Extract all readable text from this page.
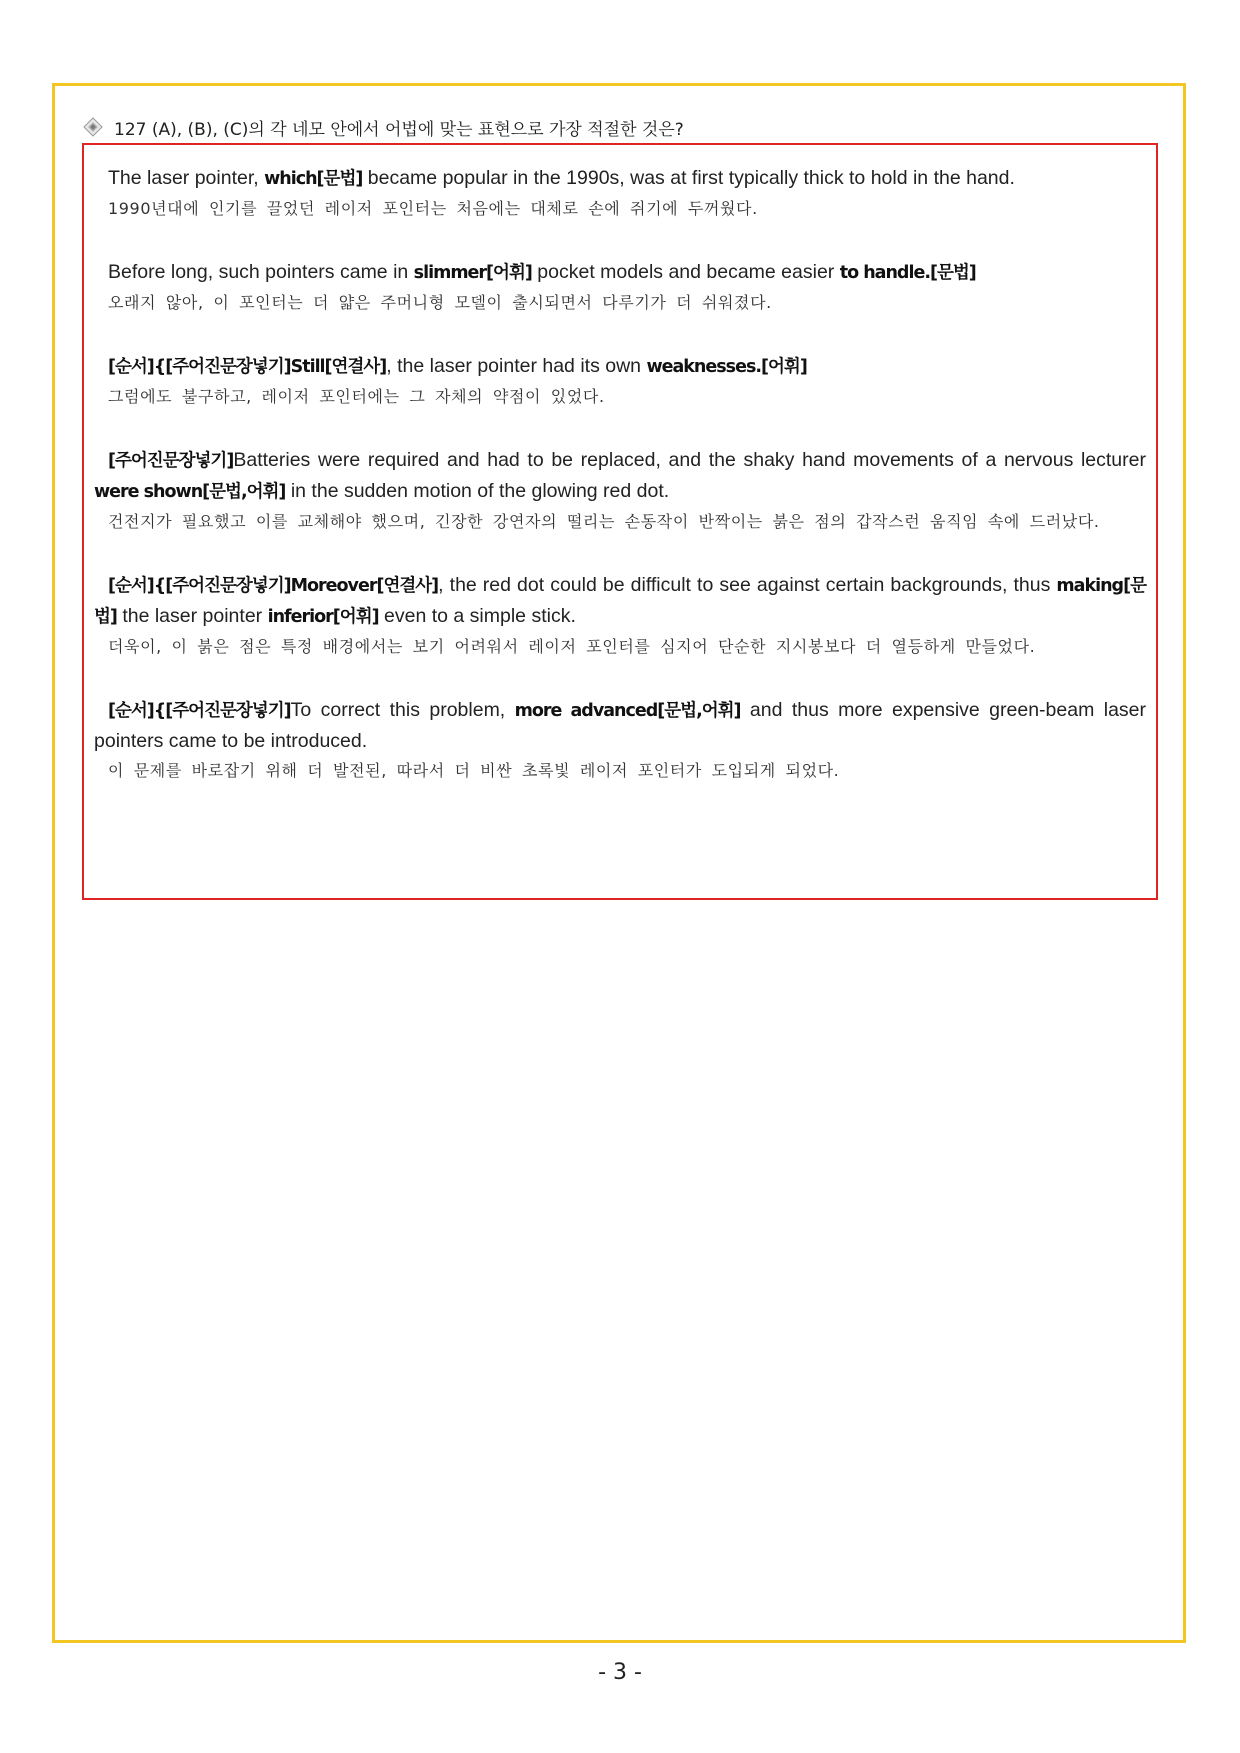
127 (A), (B), (C)의 각 네모 안에서 어법에 맞는 표현으로 가장 적절한 것은?
The laser pointer, which[문법] became popular in the 1990s, was at first typically thick to hold in the hand.
1990년대에 인기를 끌었던 레이저 포인터는 처음에는 대체로 손에 쥐기에 두꺼웠다.
Before long, such pointers came in slimmer[어휘] pocket models and became easier to handle.[문법]
오래지 않아, 이 포인터는 더 얇은 주머니형 모델이 출시되면서 다루기가 더 쉬워졌다.
[순서]{[주어진문장넣기]Still[연결사], the laser pointer had its own weaknesses.[어휘]
그럼에도 불구하고, 레이저 포인터에는 그 자체의 약점이 있었다.
[주어진문장넣기]Batteries were required and had to be replaced, and the shaky hand movements of a nervous lecturer were shown[문법,어휘] in the sudden motion of the glowing red dot.
건전지가 필요했고 이를 교체해야 했으며, 긴장한 강연자의 떨리는 손동작이 반짝이는 붉은 점의 갑작스런 움직임 속에 드러났다.
[순서]{[주어진문장넣기]Moreover[연결사], the red dot could be difficult to see against certain backgrounds, thus making[문법] the laser pointer inferior[어휘] even to a simple stick.
더욱이, 이 붉은 점은 특정 배경에서는 보기 어려워서 레이저 포인터를 심지어 단순한 지시봉보다 더 열등하게 만들었다.
[순서]{[주어진문장넣기]To correct this problem, more advanced[문법,어휘] and thus more expensive green-beam laser pointers came to be introduced.
이 문제를 바로잡기 위해 더 발전된, 따라서 더 비싼 초록빛 레이저 포인터가 도입되게 되었다.
- 3 -
